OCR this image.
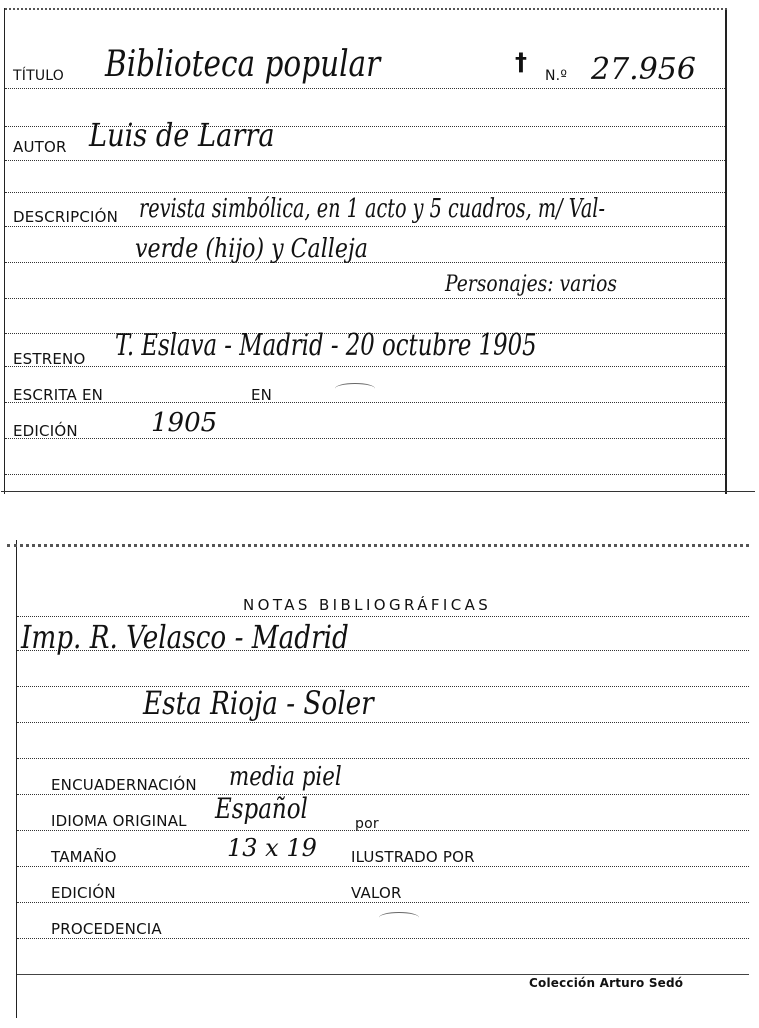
TÍTULO Biblioteca popular	† N.º 27.956
AUTOR Luis de Larra
DESCRIPCIÓN revista simbólica, en 1 acto y 5 cuadros, m/ Val-
verde (hijo) y Calleja
Personajes: varios
ESTRENO T. Eslava - Madrid - 20 octubre 1905
ESCRITA EN	EN
EDICIÓN	1905
NOTAS BIBLIOGRÁFICAS
Imp. R. Velasco - Madrid
Esta Rioja - Soler
ENCUADERNACIÓN media piel
IDIOMA ORIGINAL Español	por
TAMAÑO	13 x 19 ILUSTRADO POR
EDICIÓN	VALOR
PROCEDENCIA
Colección Arturo Sedó
